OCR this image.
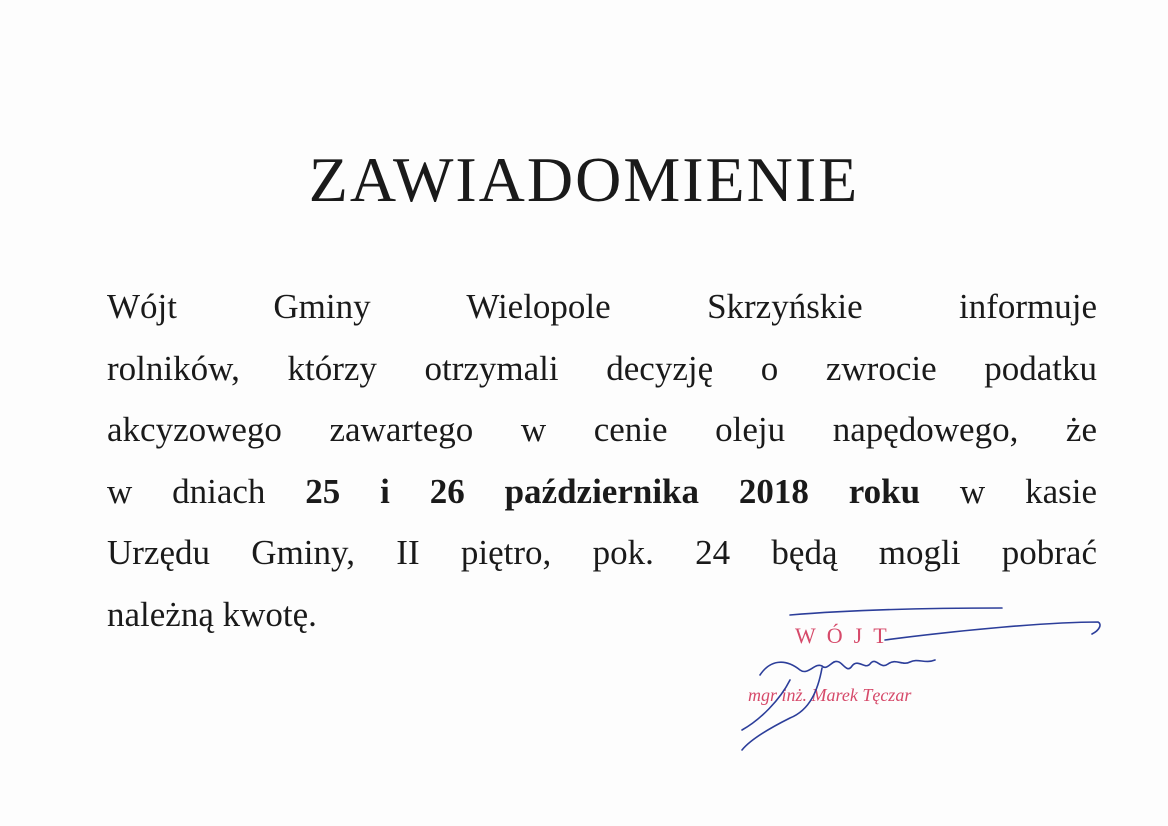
ZAWIADOMIENIE
Wójt Gminy Wielopole Skrzyńskie informuje
rolników, którzy otrzymali decyzję o zwrocie podatku
akcyzowego zawartego w cenie oleju napędowego, że
w dniach 25 i 26 października 2018 roku w kasie
Urzędu Gminy, II piętro, pok. 24 będą mogli pobrać
należną kwotę.

WÓJT

mgr inż. Marek Tęczar
